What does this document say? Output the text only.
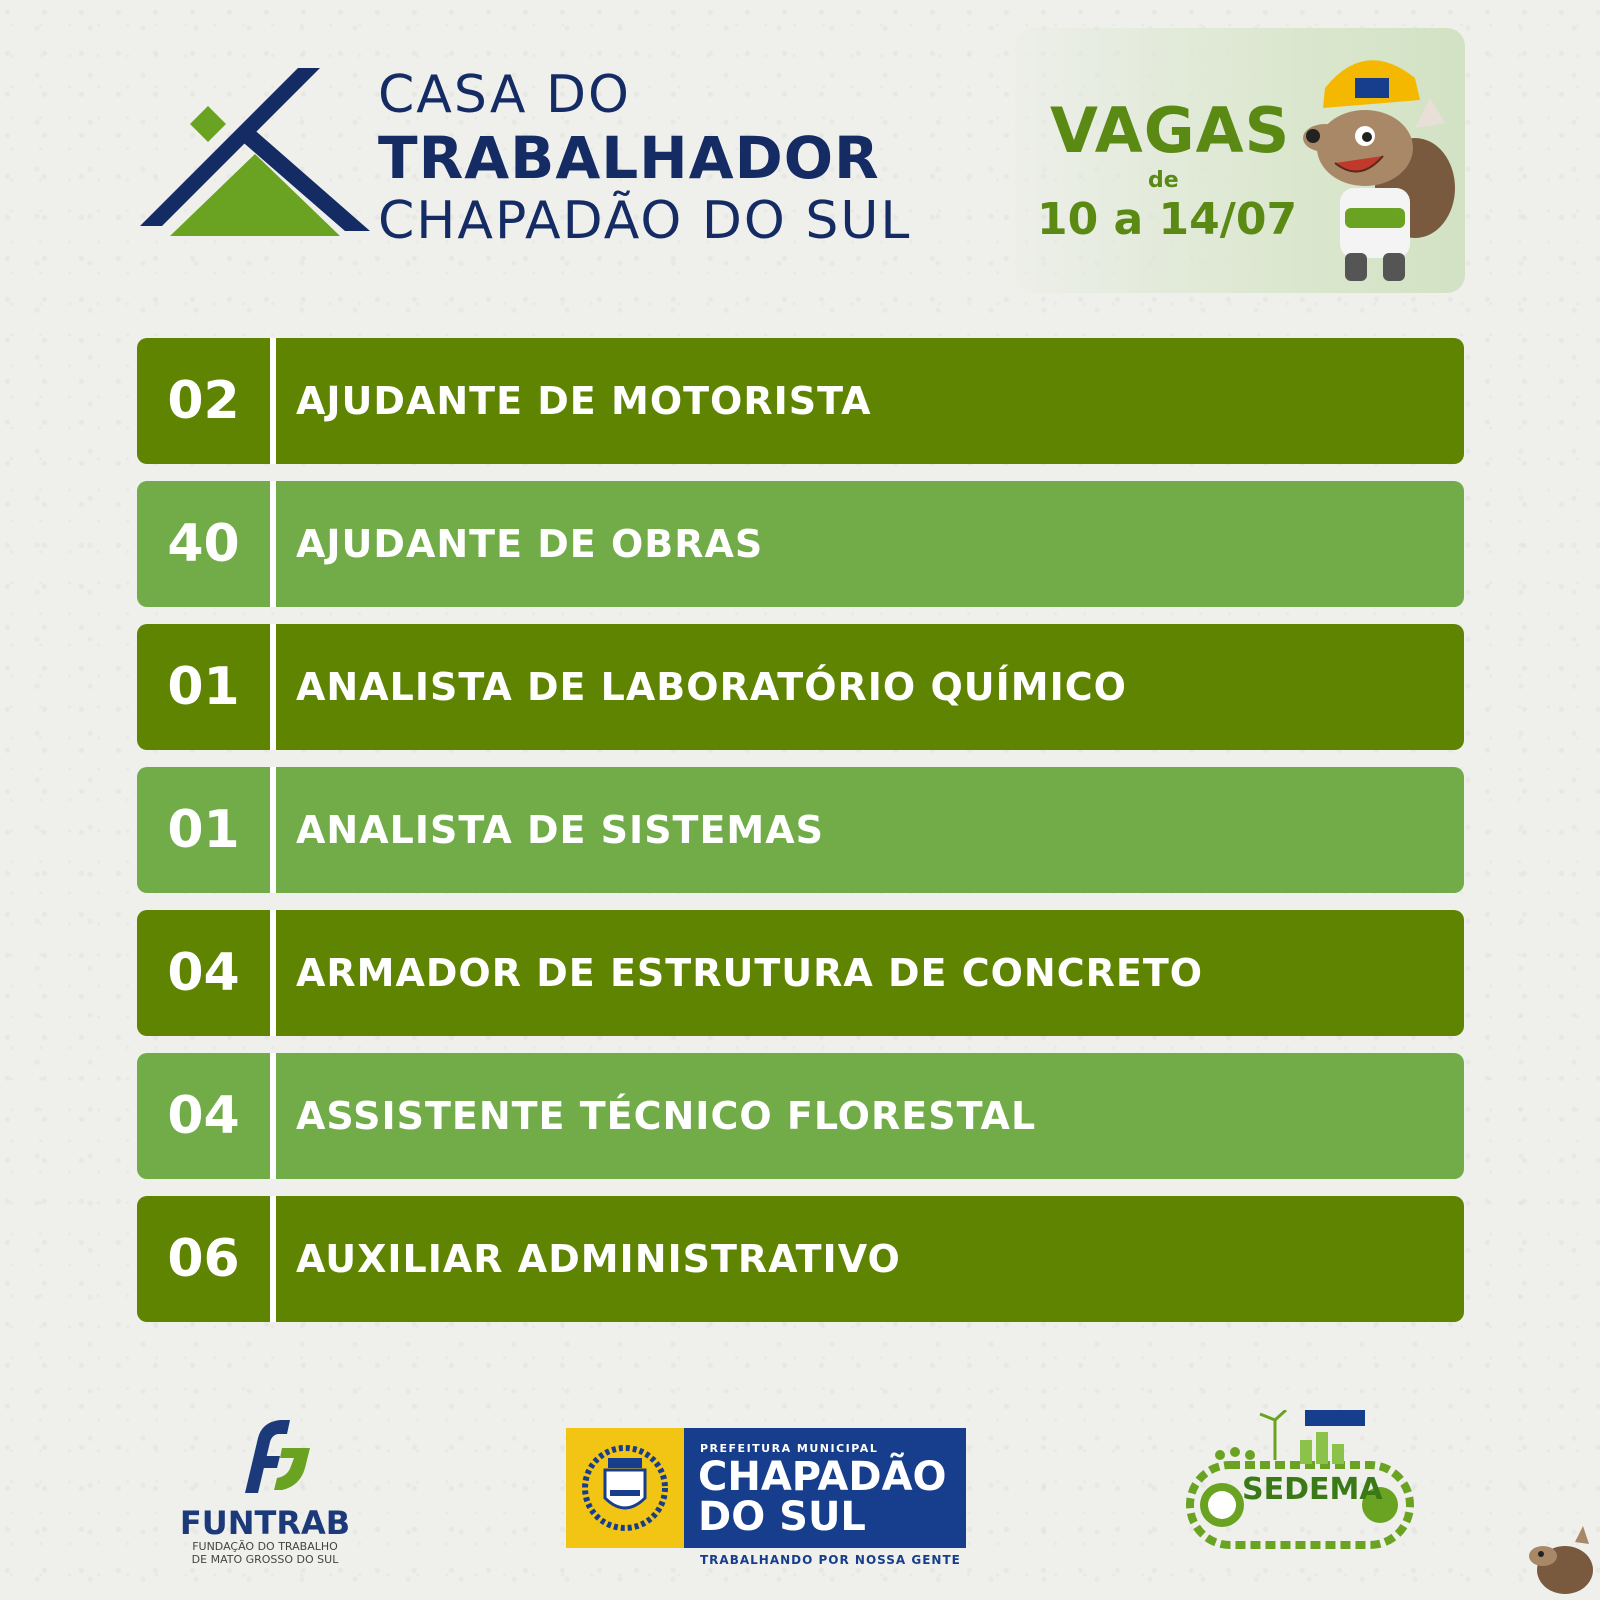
CASA DO
TRABALHADOR
CHAPADÃO DO SUL
VAGAS
de
10 a 14/07
02	AJUDANTE DE MOTORISTA
40	AJUDANTE DE OBRAS
01	ANALISTA DE LABORATÓRIO QUÍMICO
01	ANALISTA DE SISTEMAS
04	ARMADOR DE ESTRUTURA DE CONCRETO
04	ASSISTENTE TÉCNICO FLORESTAL
06	AUXILIAR ADMINISTRATIVO
FUNTRAB
FUNDAÇÃO DO TRABALHO
DE MATO GROSSO DO SUL
PREFEITURA MUNICIPAL
CHAPADÃO
DO SUL
TRABALHANDO POR NOSSA GENTE
SEDEMA
